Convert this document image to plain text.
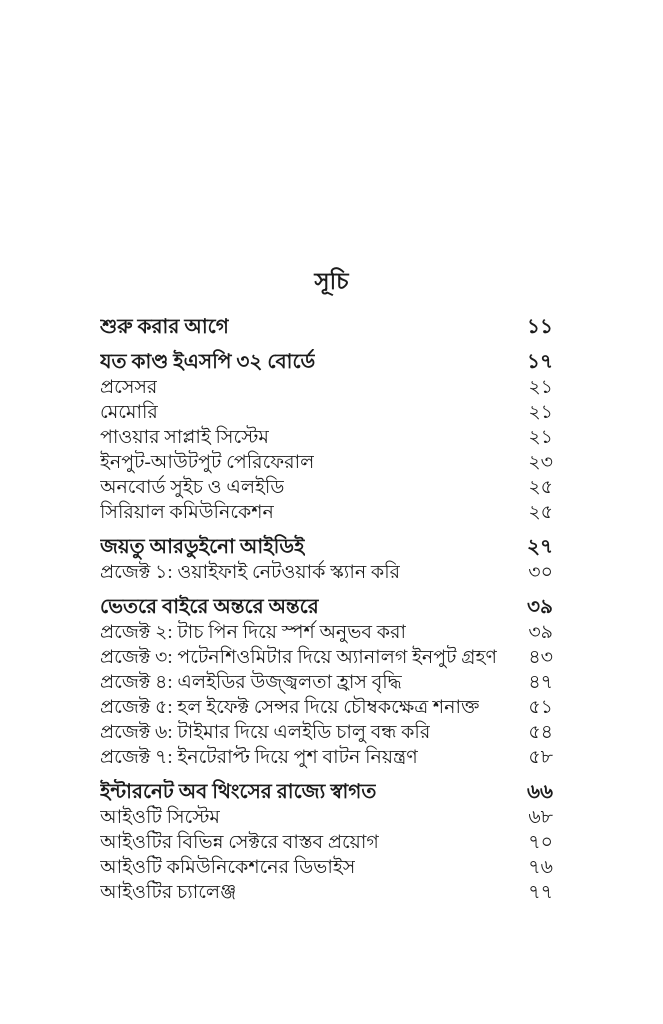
সূচি
শুরু করার আগে	১১
যত কাণ্ড ইএসপি ৩২ বোর্ডে	১৭
প্রসেসর	২১
মেমোরি	২১
পাওয়ার সাপ্লাই সিস্টেম	২১
ইনপুট-আউটপুট পেরিফেরাল	২৩
অনবোর্ড সুইচ ও এলইডি	২৫
সিরিয়াল কমিউনিকেশন	২৫
জয়তু আরডুইনো আইডিই	২৭
প্রজেক্ট ১: ওয়াইফাই নেটওয়ার্ক স্ক্যান করি	৩০
ভেতরে বাইরে অন্তরে অন্তরে	৩৯
প্রজেক্ট ২: টাচ পিন দিয়ে স্পর্শ অনুভব করা	৩৯
প্রজেক্ট ৩: পটেনশিওমিটার দিয়ে অ্যানালগ ইনপুট গ্রহণ ৪৩
প্রজেক্ট ৪: এলইডির উজ্জ্বলতা হ্রাস বৃদ্ধি	৪৭
প্রজেক্ট ৫: হল ইফেক্ট সেন্সর দিয়ে চৌম্বকক্ষেত্র শনাক্ত	৫১
প্রজেক্ট ৬: টাইমার দিয়ে এলইডি চালু বন্ধ করি	৫৪
প্রজেক্ট ৭: ইনটেরাপ্ট দিয়ে পুশ বাটন নিয়ন্ত্রণ	৫৮
ইন্টারনেট অব থিংসের রাজ্যে স্বাগত	৬৬
আইওটি সিস্টেম	৬৮
আইওটির বিভিন্ন সেক্টরে বাস্তব প্রয়োগ	৭০
আইওটি কমিউনিকেশনের ডিভাইস	৭৬
আইওটির চ্যালেঞ্জ	৭৭
